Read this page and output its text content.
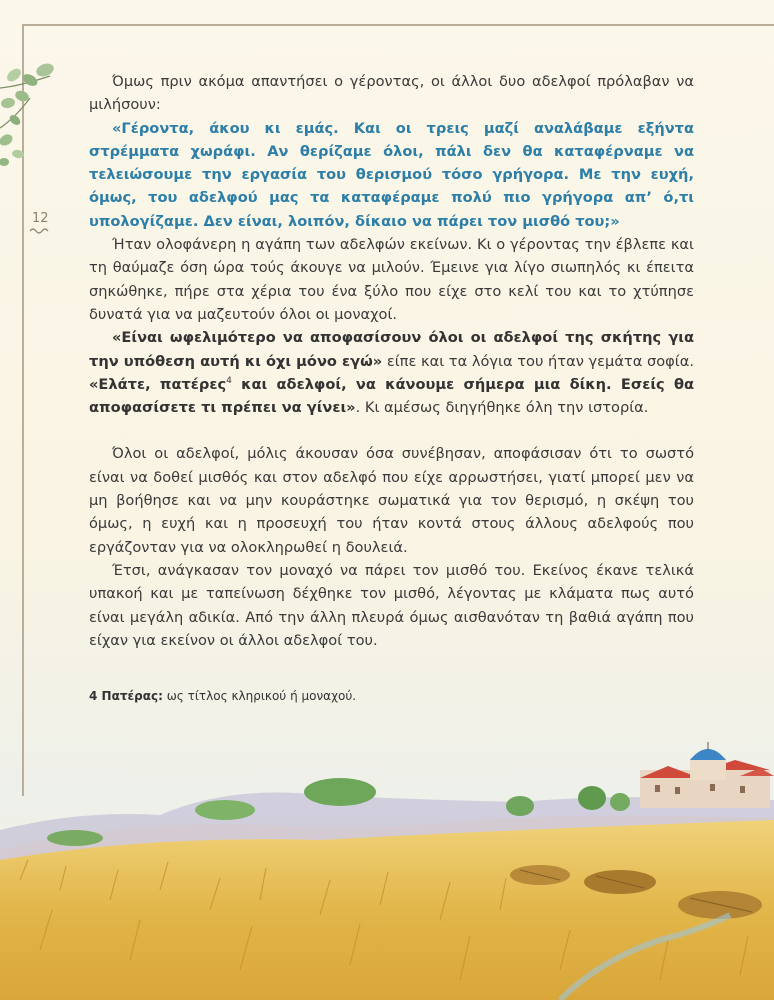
12

Όμως πριν ακόμα απαντήσει ο γέροντας, οι άλλοι δυο αδελφοί πρόλαβαν να μιλήσουν:

«Γέροντα, άκου κι εμάς. Και οι τρεις μαζί αναλάβαμε εξήντα στρέμματα χωράφι. Αν θερίζαμε όλοι, πάλι δεν θα καταφέρναμε να τελειώσουμε την εργασία του θερισμού τόσο γρήγορα. Με την ευχή, όμως, του αδελφού μας τα καταφέραμε πολύ πιο γρήγορα απ’ ό,τι υπολογίζαμε. Δεν είναι, λοιπόν, δίκαιο να πάρει τον μισθό του;»

Ήταν ολοφάνερη η αγάπη των αδελφών εκείνων. Κι ο γέροντας την έβλεπε και τη θαύμαζε όση ώρα τούς άκουγε να μιλούν. Έμεινε για λίγο σιωπηλός κι έπειτα σηκώθηκε, πήρε στα χέρια του ένα ξύλο που είχε στο κελί του και το χτύπησε δυνατά για να μαζευτούν όλοι οι μοναχοί.

«Είναι ωφελιμότερο να αποφασίσουν όλοι οι αδελφοί της σκήτης για την υπόθεση αυτή κι όχι μόνο εγώ» είπε και τα λόγια του ήταν γεμάτα σοφία. «Ελάτε, πατέρες$^4$ και αδελφοί, να κάνουμε σήμερα μια δίκη. Εσείς θα αποφασίσετε τι πρέπει να γίνει». Κι αμέσως διηγήθηκε όλη την ιστορία.

Όλοι οι αδελφοί, μόλις άκουσαν όσα συνέβησαν, αποφάσισαν ότι το σωστό είναι να δοθεί μισθός και στον αδελφό που είχε αρρωστήσει, γιατί μπορεί μεν να μη βοήθησε και να μην κουράστηκε σωματικά για τον θερισμό, η σκέψη του όμως, η ευχή και η προσευχή του ήταν κοντά στους άλλους αδελφούς που εργάζονταν για να ολοκληρωθεί η δουλειά.

Έτσι, ανάγκασαν τον μοναχό να πάρει τον μισθό του. Εκείνος έκανε τελικά υπακοή και με ταπείνωση δέχθηκε τον μισθό, λέγοντας με κλάματα πως αυτό είναι μεγάλη αδικία. Από την άλλη πλευρά όμως αισθανόταν τη βαθιά αγάπη που είχαν για εκείνον οι άλλοι αδελφοί του.

4 Πατέρας: ως τίτλος κληρικού ή μοναχού.
